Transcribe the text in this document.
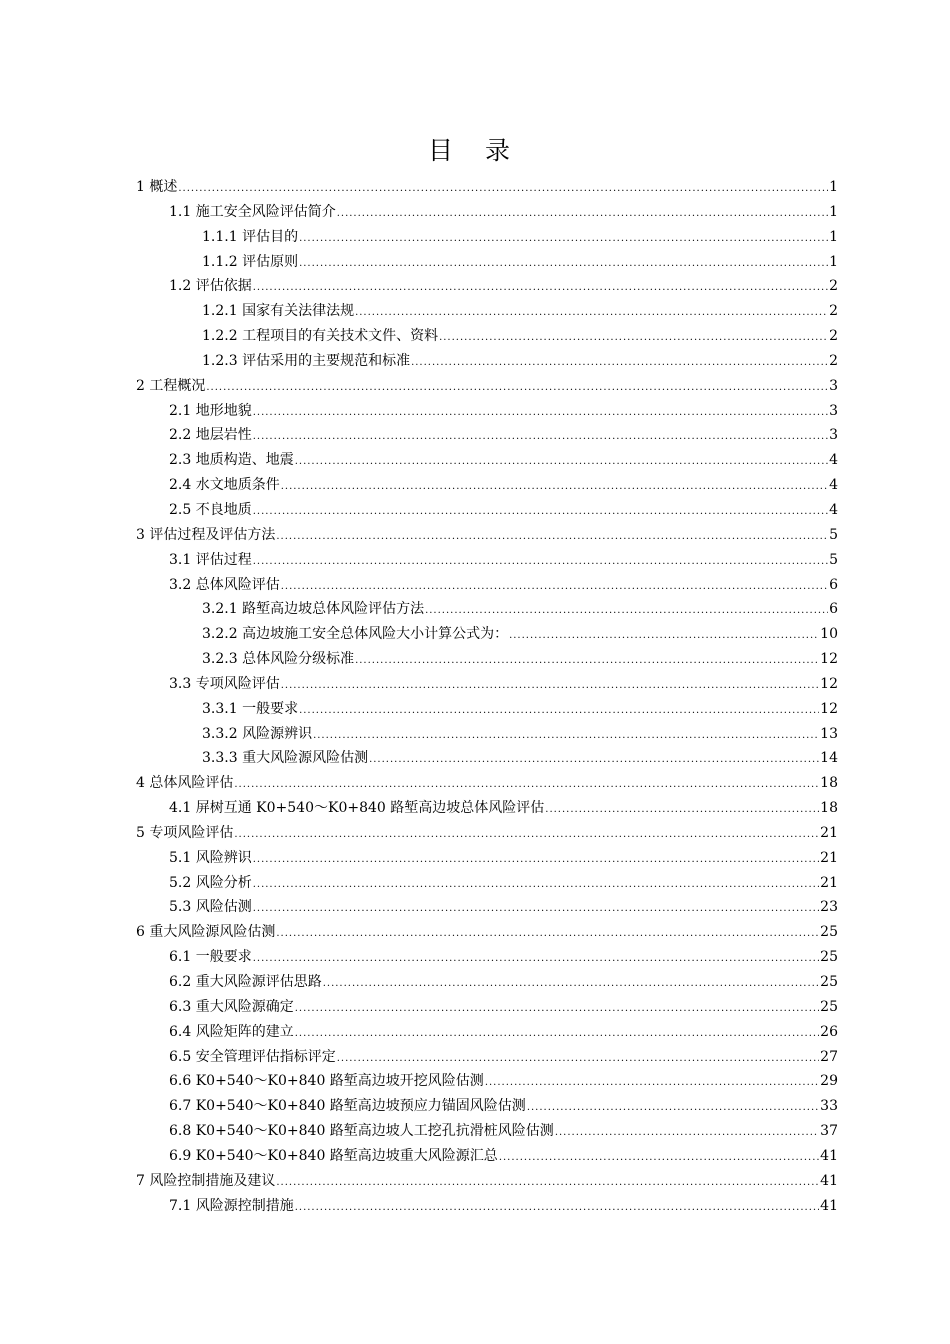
目 录
1 概述 .....	1
1.1 施工安全风险评估简介 .....	1
1.1.1 评估目的 .....	1
1.1.2 评估原则 .....	1
1.2 评估依据 .....	2
1.2.1 国家有关法律法规 .....	2
1.2.2 工程项目的有关技术文件、资料 .....	2
1.2.3 评估采用的主要规范和标准 .....	2
2 工程概况 .....	3
2.1 地形地貌 .....	3
2.2 地层岩性 .....	3
2.3 地质构造、地震 .....	4
2.4 水文地质条件 .....	4
2.5 不良地质 .....	4
3 评估过程及评估方法 .....	5
3.1 评估过程 .....	5
3.2 总体风险评估 .....	6
3.2.1 路堑高边坡总体风险评估方法 .....	6
3.2.2 高边坡施工安全总体风险大小计算公式为： .....	10
3.2.3 总体风险分级标准 .....	12
3.3 专项风险评估 .....	12
3.3.1 一般要求 .....	12
3.3.2 风险源辨识 .....	13
3.3.3 重大风险源风险估测 .....	14
4 总体风险评估 .....	18
4.1 屏树互通 K0+540～K0+840 路堑高边坡总体风险评估 .....	18
5 专项风险评估 .....	21
5.1 风险辨识 .....	21
5.2 风险分析 .....	21
5.3 风险估测 .....	23
6 重大风险源风险估测 .....	25
6.1 一般要求 .....	25
6.2 重大风险源评估思路 .....	25
6.3 重大风险源确定 .....	25
6.4 风险矩阵的建立 .....	26
6.5 安全管理评估指标评定 .....	27
6.6 K0+540～K0+840 路堑高边坡开挖风险估测 .....	29
6.7 K0+540～K0+840 路堑高边坡预应力锚固风险估测 .....	33
6.8 K0+540～K0+840 路堑高边坡人工挖孔抗滑桩风险估测 .....	37
6.9 K0+540～K0+840 路堑高边坡重大风险源汇总 .....	41
7 风险控制措施及建议 .....	41
7.1 风险源控制措施 .....	41
